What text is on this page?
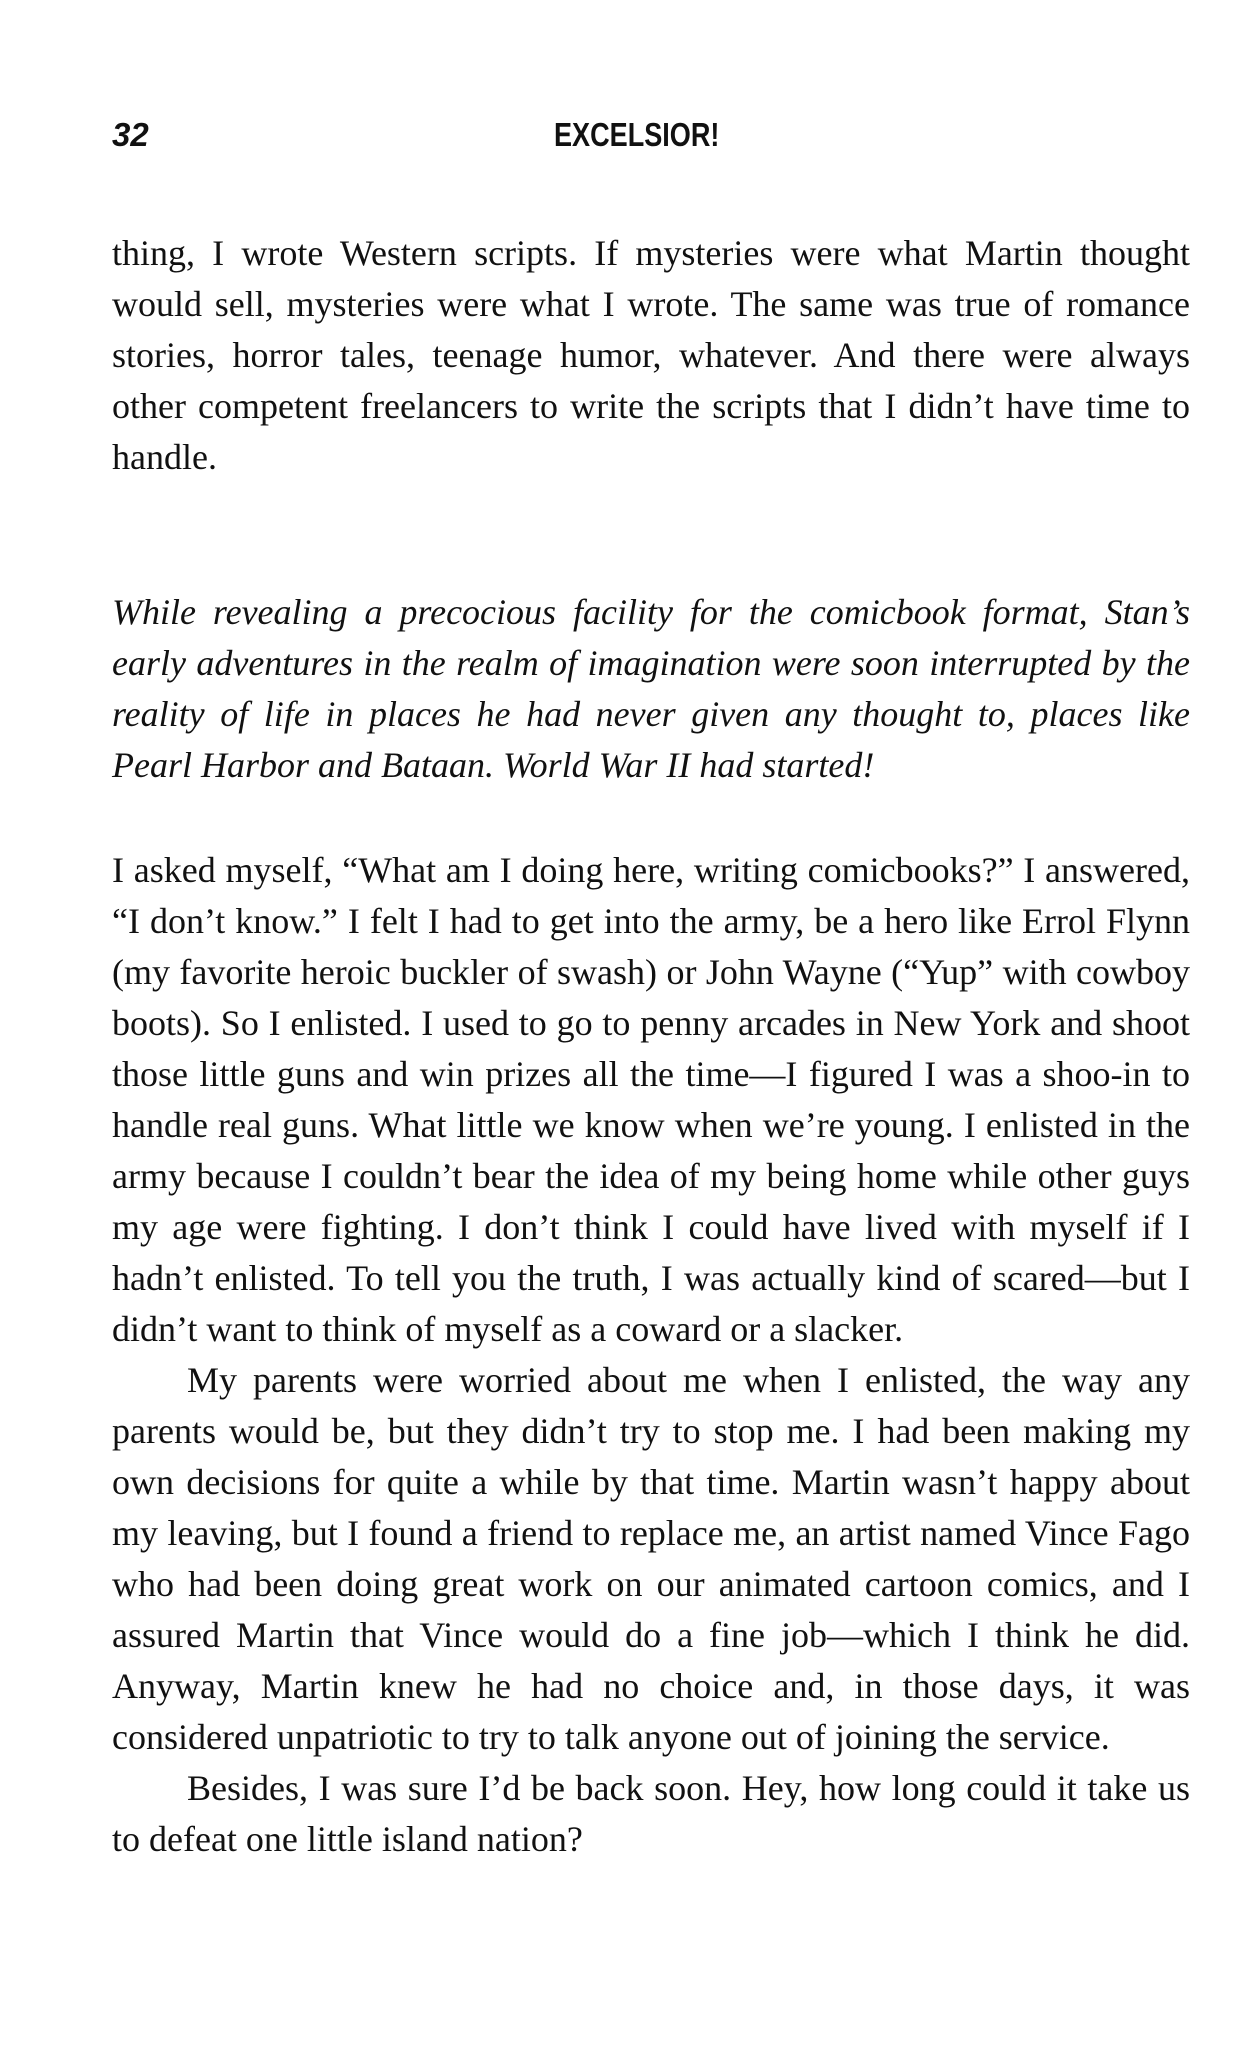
32	EXCELSIOR!

thing, I wrote Western scripts. If mysteries were what Martin thought would sell, mysteries were what I wrote. The same was true of romance stories, horror tales, teenage humor, whatever. And there were always other competent freelancers to write the scripts that I didn’t have time to handle.

While revealing a precocious facility for the comicbook format, Stan’s early adventures in the realm of imagination were soon interrupted by the reality of life in places he had never given any thought to, places like Pearl Harbor and Bataan. World War II had started!

I asked myself, “What am I doing here, writing comicbooks?” I answered, “I don’t know.” I felt I had to get into the army, be a hero like Errol Flynn (my favorite heroic buckler of swash) or John Wayne (“Yup” with cowboy boots). So I enlisted. I used to go to penny arcades in New York and shoot those little guns and win prizes all the time—I figured I was a shoo-in to handle real guns. What little we know when we’re young. I enlisted in the army because I couldn’t bear the idea of my being home while other guys my age were fighting. I don’t think I could have lived with myself if I hadn’t enlisted. To tell you the truth, I was actually kind of scared—but I didn’t want to think of myself as a coward or a slacker.

My parents were worried about me when I enlisted, the way any parents would be, but they didn’t try to stop me. I had been making my own decisions for quite a while by that time. Martin wasn’t happy about my leaving, but I found a friend to replace me, an artist named Vince Fago who had been doing great work on our animated cartoon comics, and I assured Martin that Vince would do a fine job—which I think he did. Anyway, Martin knew he had no choice and, in those days, it was considered unpatriotic to try to talk anyone out of joining the service.

Besides, I was sure I’d be back soon. Hey, how long could it take us to defeat one little island nation?
